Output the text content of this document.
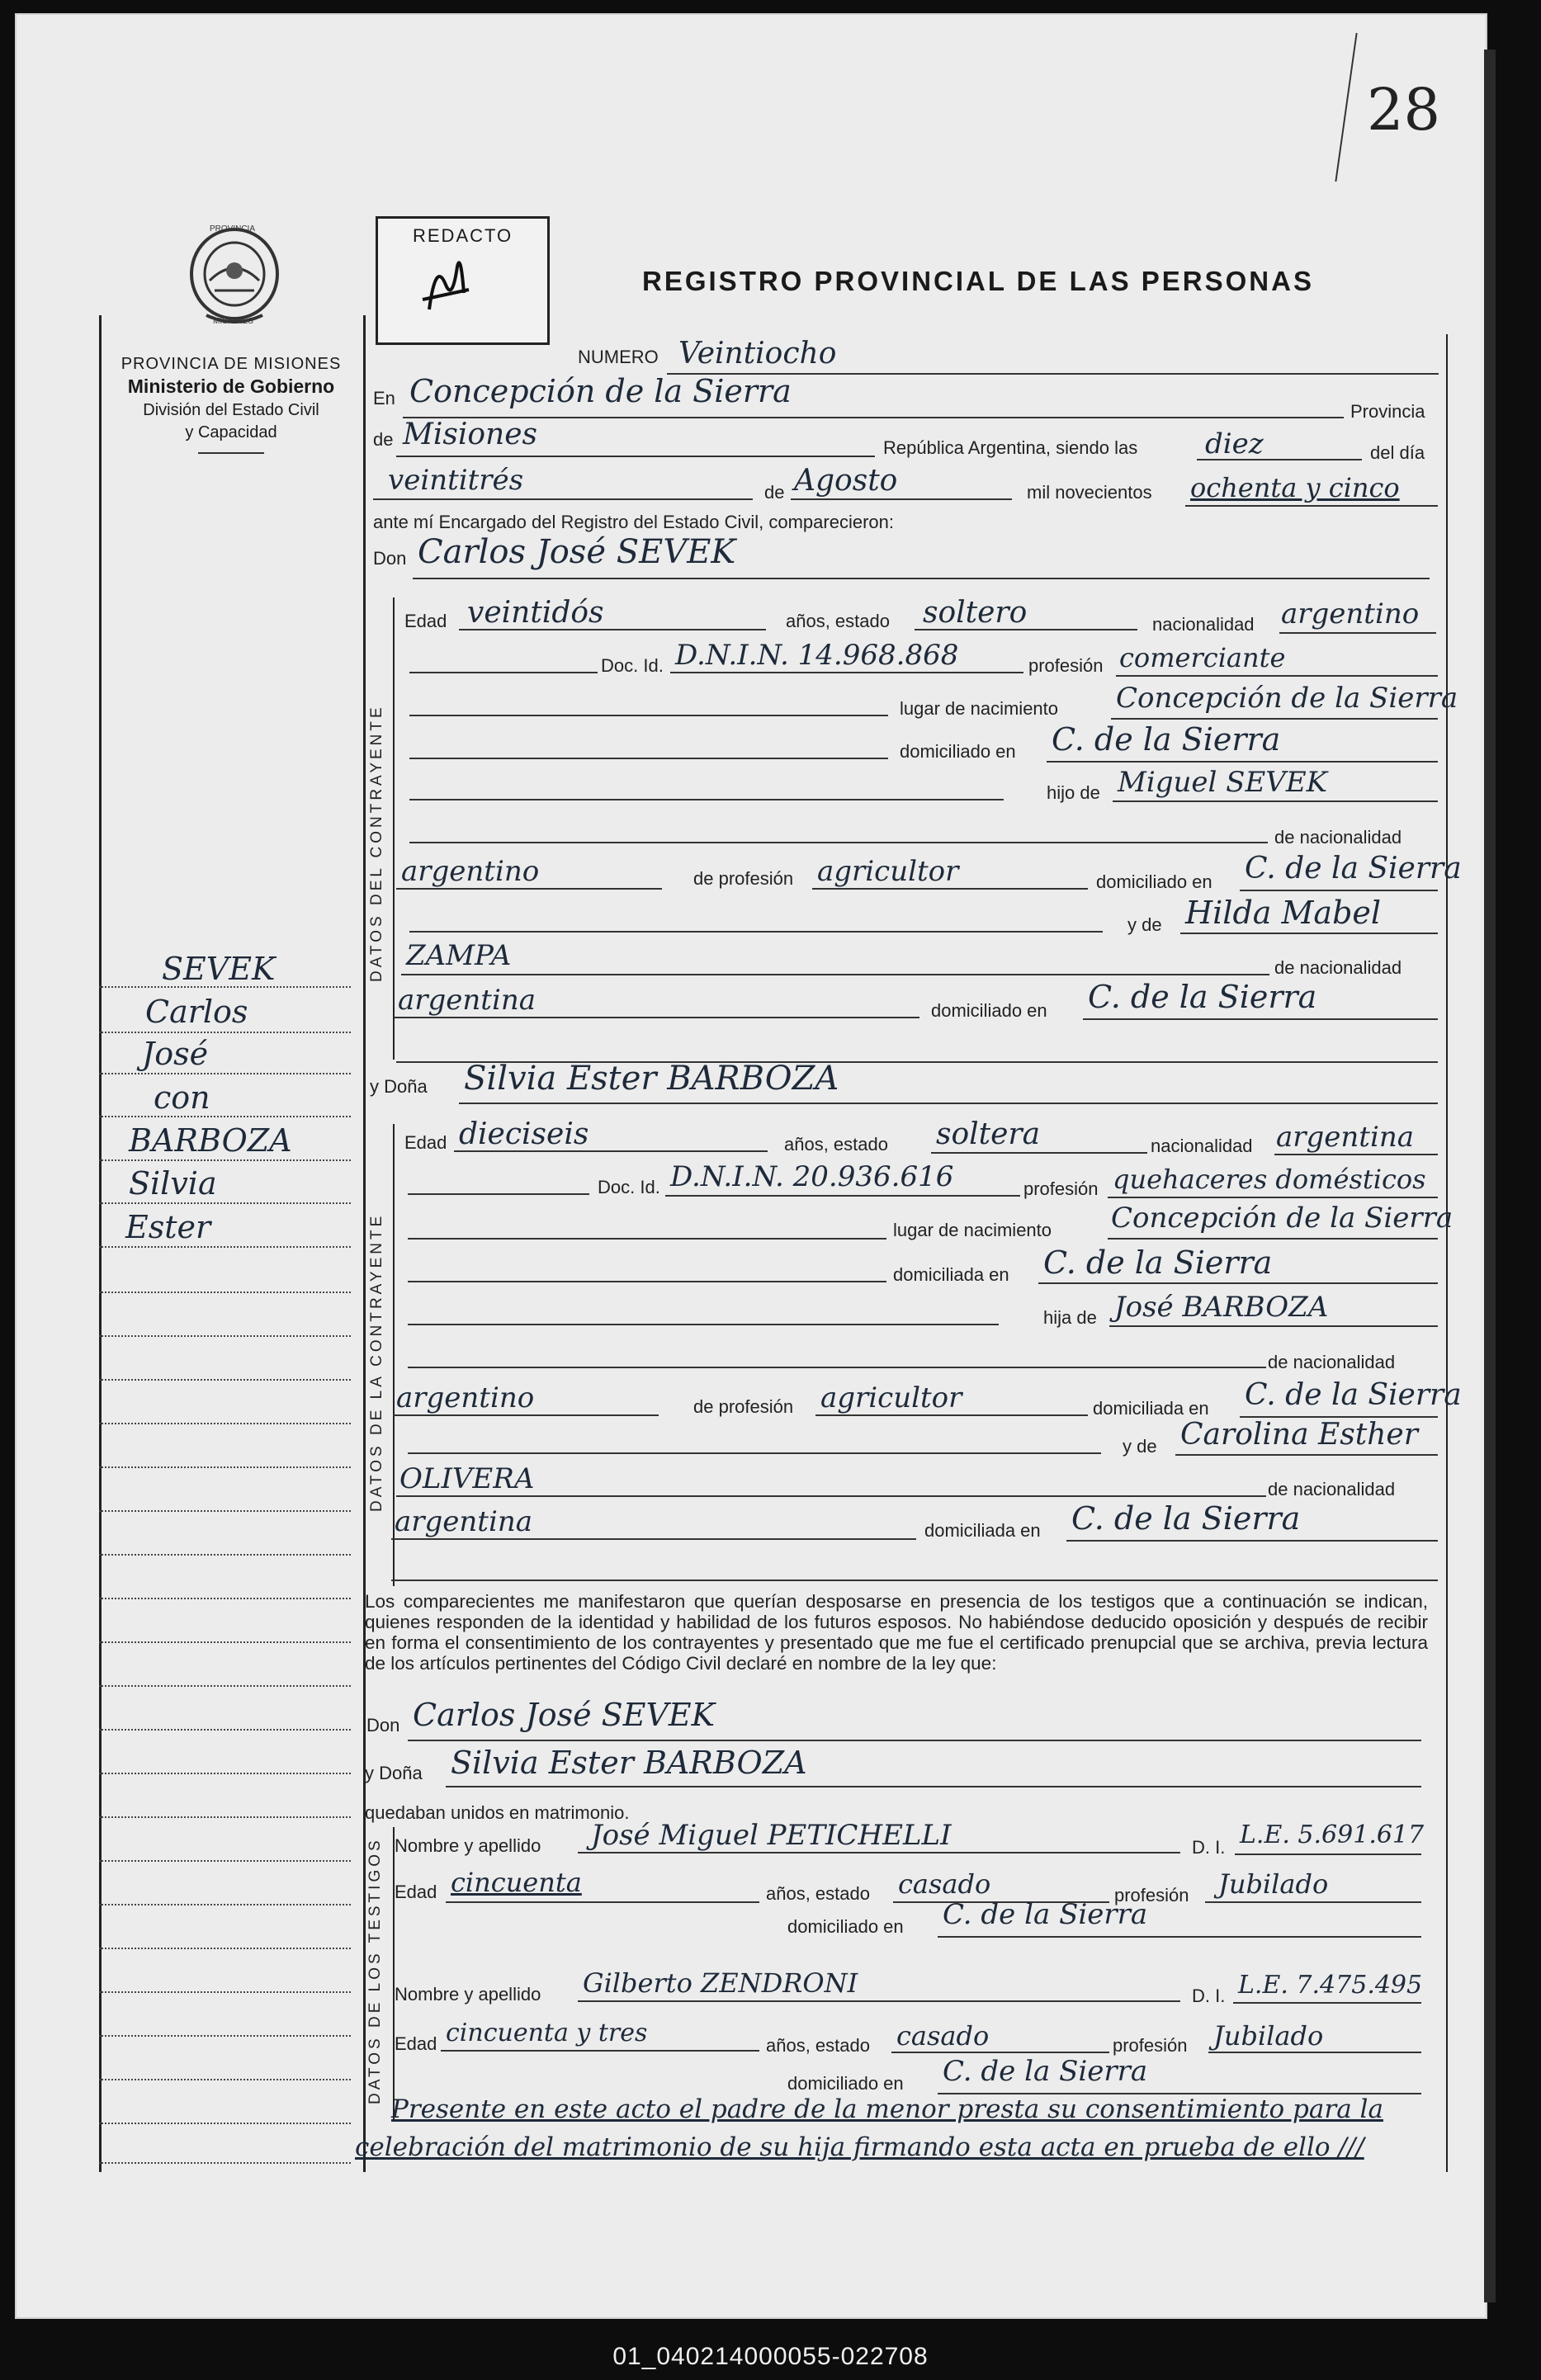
28
PROVINCIA
MISIONES
PROVINCIA DE MISIONES
Ministerio de Gobierno
División del Estado Civil
y Capacidad
REDACTO
REGISTRO PROVINCIAL DE LAS PERSONAS
SEVEK
Carlos
José
con
BARBOZA
Silvia
Ester
NUMERO Veintiocho
En Concepción de la Sierra
Provincia
de Misiones	República Argentina, siendo las diez	del día
veintitrés	de Agosto	mil novecientos ochenta y cinco
ante mí Encargado del Registro del Estado Civil, comparecieron:
Don Carlos José SEVEK
DATOS DEL CONTRAYENTE
Edad veintidós	años, estado soltero	nacionalidad argentino
Doc. Id. D.N.I.N. 14.968.868	profesión comerciante
lugar de nacimiento Concepción de la Sierra
domiciliado en C. de la Sierra
hijo de Miguel SEVEK
de nacionalidad
argentino	de profesión agricultor	domiciliado en C. de la Sierra
y de Hilda Mabel
ZAMPA	de nacionalidad
argentina	domiciliado en C. de la Sierra
y Doña Silvia Ester BARBOZA
DATOS DE LA CONTRAYENTE
Edad dieciseis	años, estado soltera	nacionalidad argentina
Doc. Id. D.N.I.N. 20.936.616	profesión quehaceres domésticos
lugar de nacimiento Concepción de la Sierra
domiciliada en C. de la Sierra
hija de José BARBOZA
de nacionalidad
argentino	de profesión agricultor	domiciliada en C. de la Sierra
y de Carolina Esther
OLIVERA	de nacionalidad
argentina	domiciliada en C. de la Sierra
Los comparecientes me manifestaron que querían desposarse en presencia de los testigos que a continuación se indican, quienes responden de la identidad y habilidad de los futuros esposos. No habiéndose deducido oposición y después de recibir en forma el consentimiento de los contrayentes y presentado que me fue el certificado prenupcial que se archiva, previa lectura de los artículos pertinentes del Código Civil declaré en nombre de la ley que:
Don Carlos José SEVEK
y Doña Silvia Ester BARBOZA
quedaban unidos en matrimonio.
DATOS DE LOS TESTIGOS Nombre y apellido José Miguel PETICHELLI	D. I. L.E. 5.691.617
Edad cincuenta	años, estado casado	profesión Jubilado
domiciliado en C. de la Sierra
Nombre y apellido Gilberto ZENDRONI	D. I. L.E. 7.475.495
Edad cincuenta y tres	años, estado casado	profesión Jubilado
domiciliado en C. de la Sierra
Presente en este acto el padre de la menor presta su consentimiento para la
celebración del matrimonio de su hija firmando esta acta en prueba de ello ///
01_040214000055-022708
